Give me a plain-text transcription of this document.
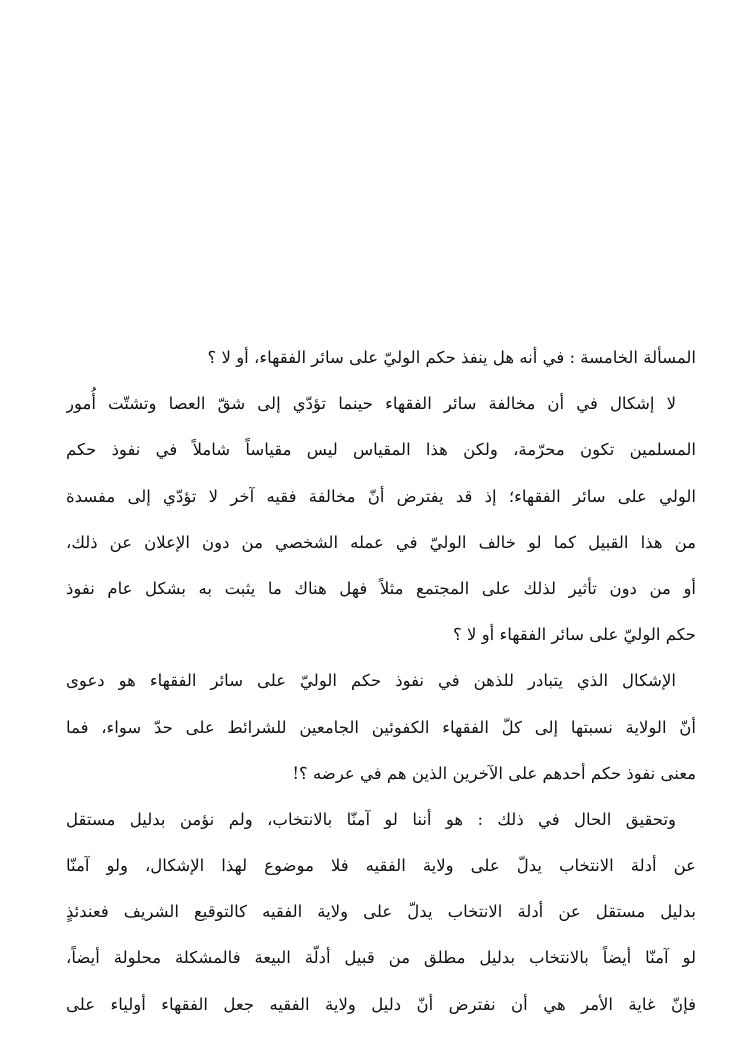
المسألة الخامسة : في أنه هل ينفذ حكم الوليّ على سائر الفقهاء، أو لا ؟
لا إشكال في أن مخالفة سائر الفقهاء حينما تؤدّي إلى شقّ العصا وتشتّت أُمور
المسلمين تكون محرّمة، ولكن هذا المقياس ليس مقياساً شاملاً في نفوذ حكم
الولي على سائر الفقهاء؛ إذ قد يفترض أنّ مخالفة فقيه آخر لا تؤدّي إلى مفسدة
من هذا القبيل كما لو خالف الوليّ في عمله الشخصي من دون الإعلان عن ذلك،
أو من دون تأثير لذلك على المجتمع مثلاً فهل هناك ما يثبت به بشكل عام نفوذ
حكم الوليّ على سائر الفقهاء أو لا ؟
الإشكال الذي يتبادر للذهن في نفوذ حكم الوليّ على سائر الفقهاء هو دعوى
أنّ الولاية نسبتها إلى كلّ الفقهاء الكفوئين الجامعين للشرائط على حدّ سواء، فما
معنى نفوذ حكم أحدهم على الآخرين الذين هم في عرضه ؟!
وتحقيق الحال في ذلك : هو أننا لو آمنّا بالانتخاب، ولم نؤمن بدليل مستقل
عن أدلة الانتخاب يدلّ على ولاية الفقيه فلا موضوع لهذا الإشكال، ولو آمنّا
بدليل مستقل عن أدلة الانتخاب يدلّ على ولاية الفقيه كالتوقيع الشريف فعندئذٍ
لو آمنّا أيضاً بالانتخاب بدليل مطلق من قبيل أدلّة البيعة فالمشكلة محلولة أيضاً،
فإنّ غاية الأمر هي أن نفترض أنّ دليل ولاية الفقيه جعل الفقهاء أولياء على
